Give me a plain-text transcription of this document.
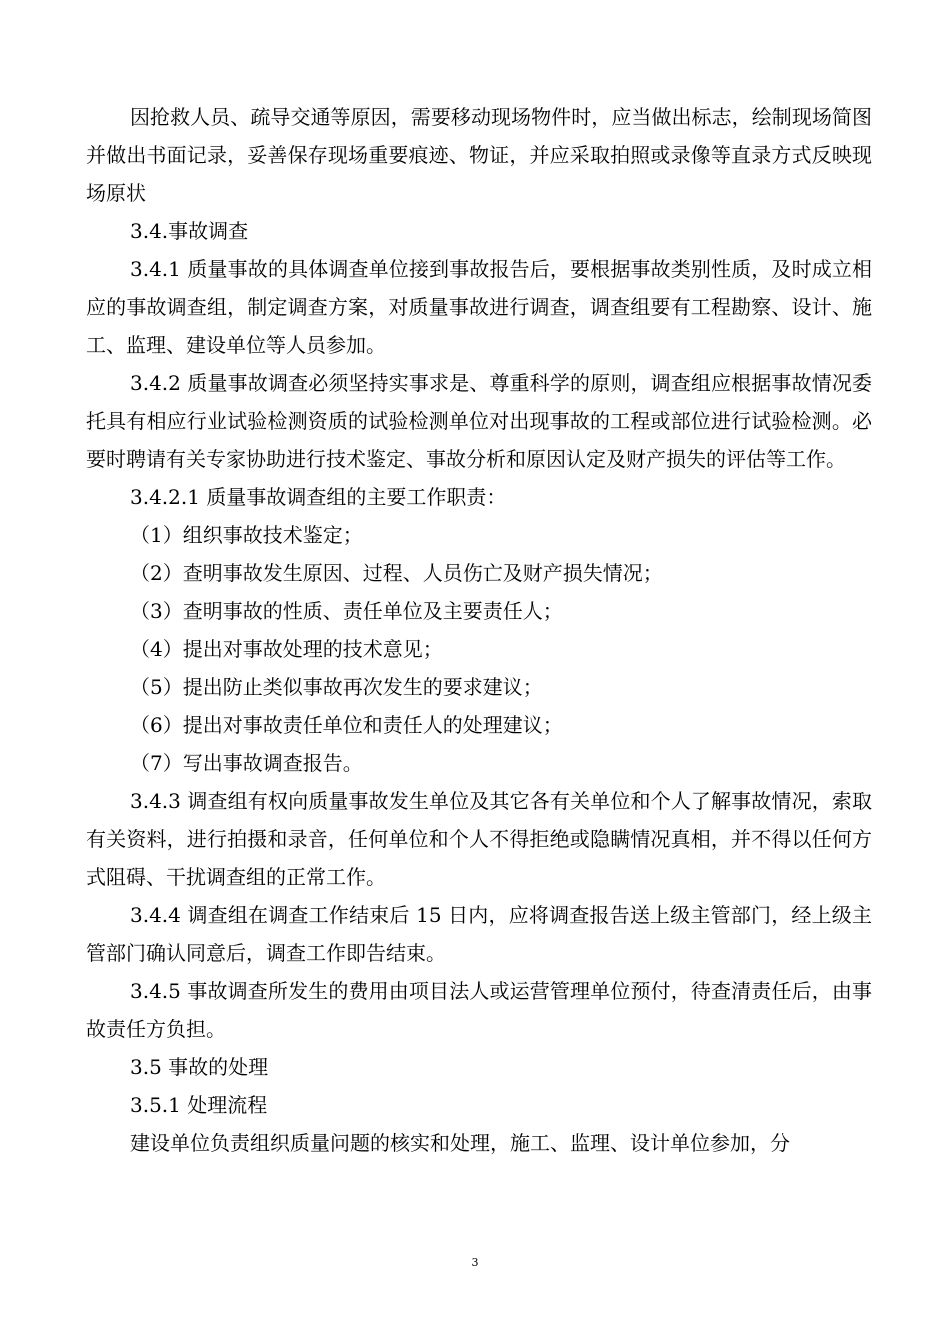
因抢救人员、疏导交通等原因，需要移动现场物件时，应当做出标志，绘制现场简图并做出书面记录，妥善保存现场重要痕迹、物证，并应采取拍照或录像等直录方式反映现场原状

3.4.事故调查

3.4.1 质量事故的具体调查单位接到事故报告后，要根据事故类别性质，及时成立相应的事故调查组，制定调查方案，对质量事故进行调查，调查组要有工程勘察、设计、施工、监理、建设单位等人员参加。

3.4.2 质量事故调查必须坚持实事求是、尊重科学的原则，调查组应根据事故情况委托具有相应行业试验检测资质的试验检测单位对出现事故的工程或部位进行试验检测。必要时聘请有关专家协助进行技术鉴定、事故分析和原因认定及财产损失的评估等工作。

3.4.2.1 质量事故调查组的主要工作职责：

（1）组织事故技术鉴定；

（2）查明事故发生原因、过程、人员伤亡及财产损失情况；

（3）查明事故的性质、责任单位及主要责任人；

（4）提出对事故处理的技术意见；

（5）提出防止类似事故再次发生的要求建议；

（6）提出对事故责任单位和责任人的处理建议；

（7）写出事故调查报告。

3.4.3 调查组有权向质量事故发生单位及其它各有关单位和个人了解事故情况，索取有关资料，进行拍摄和录音，任何单位和个人不得拒绝或隐瞒情况真相，并不得以任何方式阻碍、干扰调查组的正常工作。

3.4.4 调查组在调查工作结束后 15 日内，应将调查报告送上级主管部门，经上级主管部门确认同意后，调查工作即告结束。

3.4.5 事故调查所发生的费用由项目法人或运营管理单位预付，待查清责任后，由事故责任方负担。

3.5 事故的处理

3.5.1 处理流程

建设单位负责组织质量问题的核实和处理，施工、监理、设计单位参加，分

3
